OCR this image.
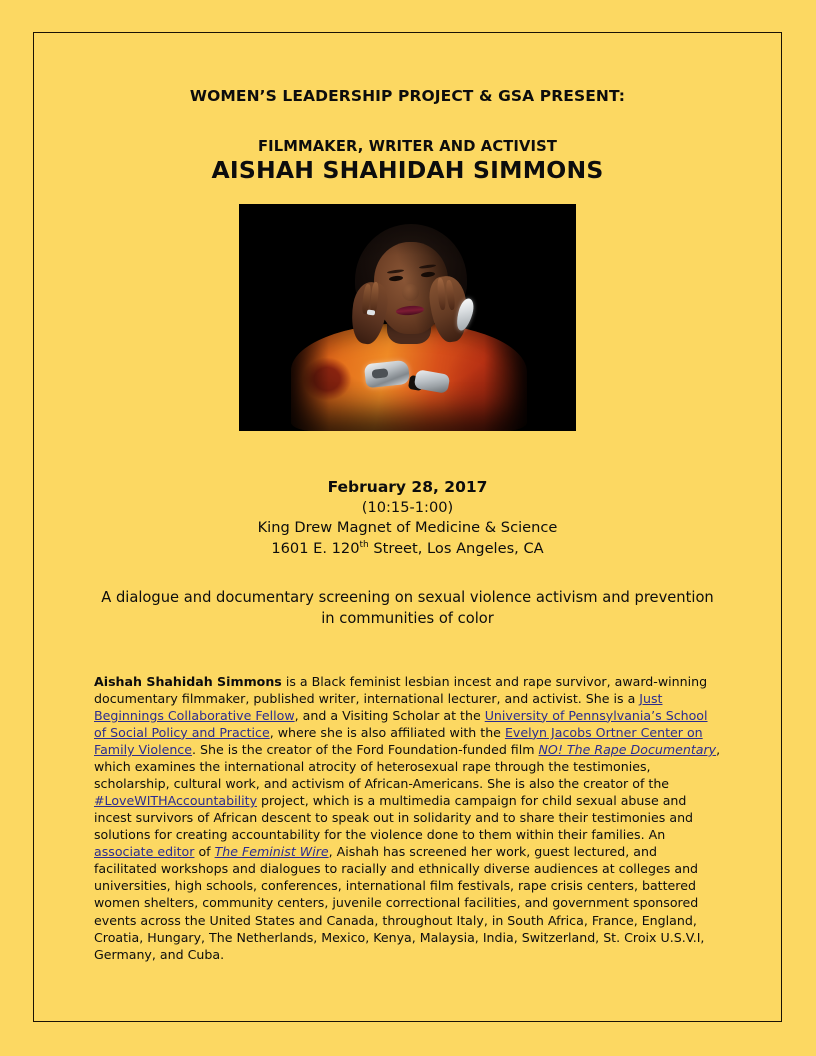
WOMEN’S LEADERSHIP PROJECT & GSA PRESENT:
FILMMAKER, WRITER AND ACTIVIST
AISHAH SHAHIDAH SIMMONS
February 28, 2017
(10:15-1:00)
King Drew Magnet of Medicine & Science
1601 E. 120th Street, Los Angeles, CA
A dialogue and documentary screening on sexual violence activism and prevention in communities of color
Aishah Shahidah Simmons is a Black feminist lesbian incest and rape survivor, award-winning documentary filmmaker, published writer, international lecturer, and activist. She is a Just Beginnings Collaborative Fellow, and a Visiting Scholar at the University of Pennsylvania’s School of Social Policy and Practice, where she is also affiliated with the Evelyn Jacobs Ortner Center on Family Violence. She is the creator of the Ford Foundation-funded film NO! The Rape Documentary, which examines the international atrocity of heterosexual rape through the testimonies, scholarship, cultural work, and activism of African-Americans. She is also the creator of the #LoveWITHAccountability project, which is a multimedia campaign for child sexual abuse and incest survivors of African descent to speak out in solidarity and to share their testimonies and solutions for creating accountability for the violence done to them within their families. An associate editor of The Feminist Wire, Aishah has screened her work, guest lectured, and facilitated workshops and dialogues to racially and ethnically diverse audiences at colleges and universities, high schools, conferences, international film festivals, rape crisis centers, battered women shelters, community centers, juvenile correctional facilities, and government sponsored events across the United States and Canada, throughout Italy, in South Africa, France, England, Croatia, Hungary, The Netherlands, Mexico, Kenya, Malaysia, India, Switzerland, St. Croix U.S.V.I, Germany, and Cuba.
